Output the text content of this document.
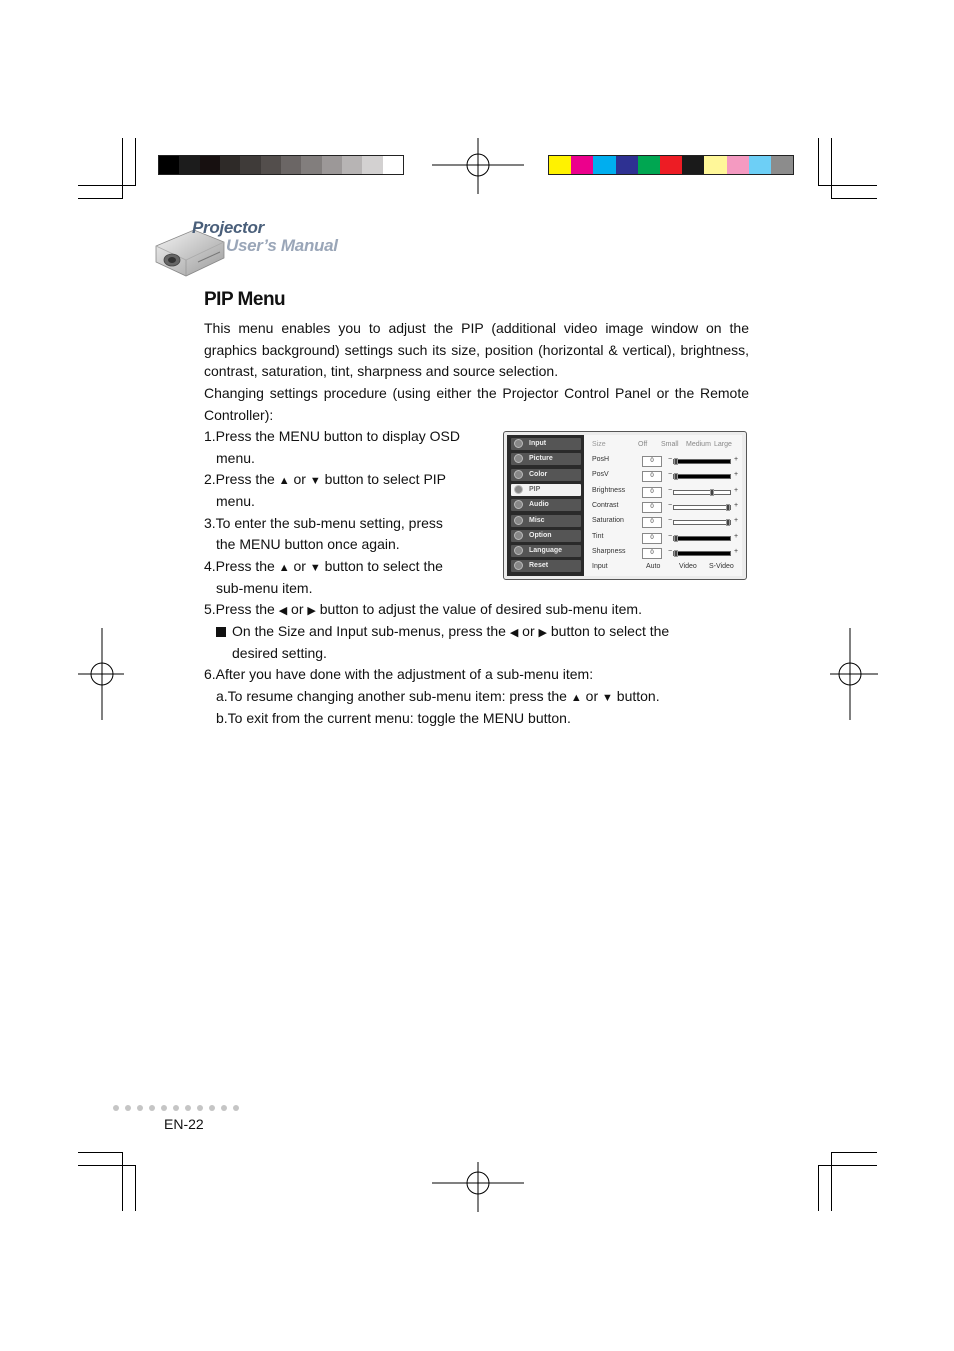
Projector
User’s Manual
PIP Menu
This menu enables you to adjust the PIP (additional video image window on the
graphics background) settings such its size, position (horizontal & vertical), brightness,
contrast, saturation, tint, sharpness and source selection.
Changing settings procedure (using either the Projector Control Panel or the Remote
Controller):
1.Press the MENU button to display OSD
menu.
2.Press the ▲ or ▼ button to select PIP
menu.
3.To enter the sub-menu setting, press
the MENU button once again.
4.Press the ▲ or ▼ button to select the
sub-menu item.
5.Press the ◀ or ▶ button to adjust the value of desired sub-menu item.
On the Size and Input sub-menus, press the ◀ or ▶ button to select the
desired setting.
6.After you have done with the adjustment of a sub-menu item:
a.To resume changing another sub-menu item: press the ▲ or ▼ button.
b.To exit from the current menu: toggle the MENU button.
Input
Picture
Color
PIP
Audio
Misc
Option
Language
Reset
Size	Off Small Medium Large
Input	Auto	Video S-Video
PosH	0	−	+
PosV	0	−	+
Brightness	0	−	+
Contrast	0	−	+
Saturation	0	−	+
Tint	0	−	+
Sharpness	0	−	+
EN-22
